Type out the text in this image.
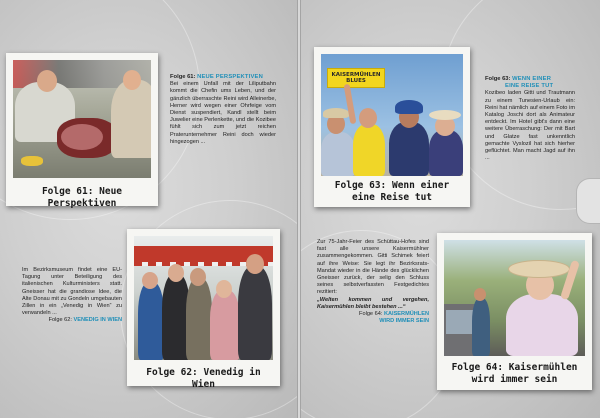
Folge 61: Neue Perspektiven
Folge 61: NEUE PERSPEKTIVEN
Bei einem Unfall mit der Liliputbahn kommt die Chefin ums Leben, und der gänzlich überraschte Reini wird Alleinerbe, Herner wird wegen einer Ohrfeige vom Dienst suspendiert, Kandl stellt beim Juwelier eine Perlenkette, und die Kozibee fühlt sich zum jetzt reichen Praterunternehmer Reini doch wieder hingezogen ...
Im Bezirksmuseum findet eine EU-Tagung unter Beteiligung des italienischen Kulturministers statt. Gneisser hat die grandiose Idee, die Alte Donau mit zu Gondeln umgebauten Zillen in ein „Venedig in Wien“ zu verwandeln ...
Folge 62: VENEDIG IN WIEN
Folge 62: Venedig in Wien
KAISERMÜHLEN BLUES
Folge 63: Wenn einer
eine Reise tut
Folge 63: WENN EINER
EINE REISE TUT
Kozibeo laden Gitti und Trautmann zu einem Tunesien-Urlaub ein: Reini hat nämlich auf einem Foto im Katalog Joschi dort als Animateur entdeckt. Im Hotel gibt's dann eine weitere Überraschung: Der mit Bart und Glatze fast unkenntlich gemachte Vyslozil hat sich hierher geflüchtet. Man macht Jagd auf ihn ...
Zur 75-Jahr-Feier des Schüttau-Hofes sind fast alle unsere Kaisermühlner zusammengekommen. Gitti Schimek feiert auf ihre Weise: Sie legt ihr Bezirksrats-Mandat wieder in die Hände des glücklichen Gneisser zurück, der selig den Schluss seines selbstverfassten Festgedichtes rezitiert:
„Welten kommen und vergehen, Kaisermühlen bleibt bestehen ...“
Folge 64: KAISERMÜHLEN
WIRD IMMER SEIN
Folge 64: Kaisermühlen
wird immer sein
